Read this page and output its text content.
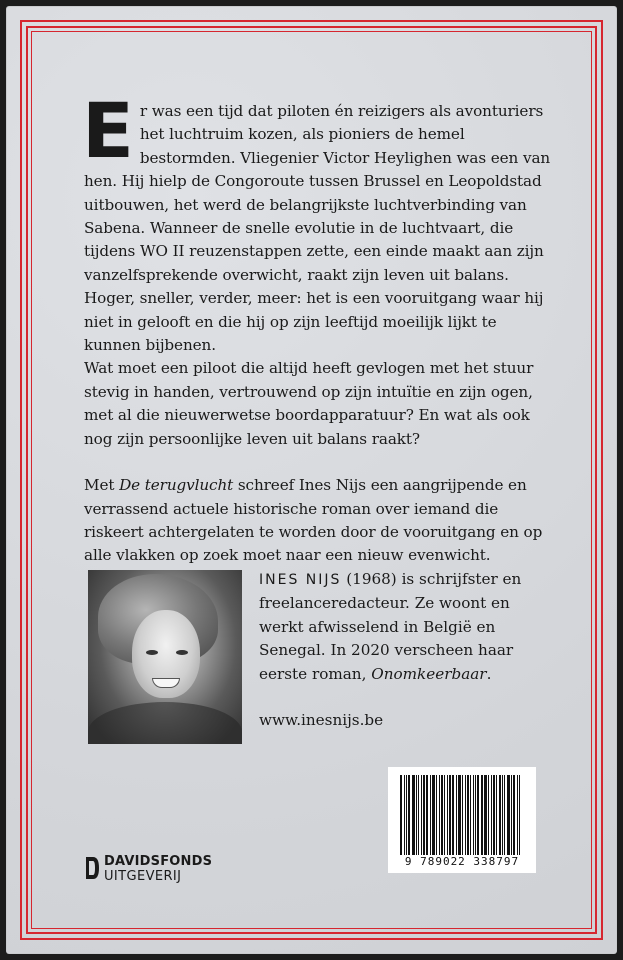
Er was een tijd dat piloten én reizigers als avonturiers het luchtruim kozen, als pioniers de hemel bestormden. Vliegenier Victor Heylighen was een van hen. Hij hielp de Congoroute tussen Brussel en Leopoldstad uitbouwen, het werd de belangrijkste luchtverbinding van Sabena. Wanneer de snelle evolutie in de luchtvaart, die tijdens WO II reuzenstappen zette, een einde maakt aan zijn vanzelfsprekende overwicht, raakt zijn leven uit balans. Hoger, sneller, verder, meer: het is een vooruitgang waar hij niet in gelooft en die hij op zijn leeftijd moeilijk lijkt te kunnen bijbenen.

Wat moet een piloot die altijd heeft gevlogen met het stuur stevig in handen, vertrouwend op zijn intuïtie en zijn ogen, met al die nieuwerwetse boordapparatuur? En wat als ook nog zijn persoonlijke leven uit balans raakt?

Met De terugvlucht schreef Ines Nijs een aangrijpende en verrassend actuele historische roman over iemand die riskeert achtergelaten te worden door de vooruitgang en op alle vlakken op zoek moet naar een nieuw evenwicht.

INES NIJS (1968) is schrijfster en freelanceredacteur. Ze woont en werkt afwisselend in België en Senegal. In 2020 verscheen haar eerste roman, Onomkeerbaar.

www.inesnijs.be

9 789022 338797
DAVIDSFONDS
UITGEVERIJ
